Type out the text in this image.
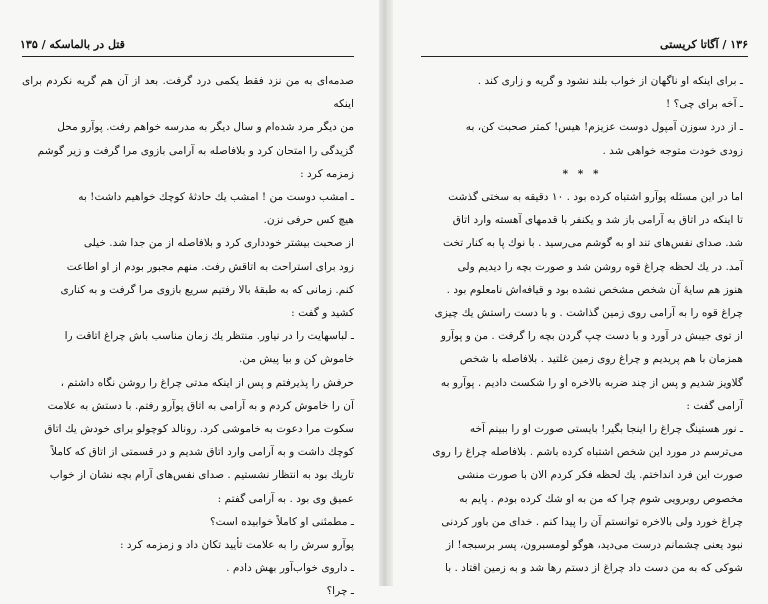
قتل در بالماسکه / ۱۳۵

صدمه‌ای به من نزد فقط یکمی درد گرفت. بعد از آن هم گریه نکردم برای اینکه

من دیگر مرد شده‌ام و سال دیگر به مدرسه خواهم رفت. پوآرو محل

گزیدگی را امتحان کرد و بلافاصله به آرامی بازوی مرا گرفت و زیر گوشم

زمزمه کرد :

ـ امشب دوست من ! امشب یك حادثهٔ کوچك خواهیم داشت! به

هیچ کس حرفی نزن.

از صحبت بیشتر خودداری کرد و بلافاصله از من جدا شد. خیلی

زود برای استراحت به اتاقش رفت. منهم مجبور بودم از او اطاعت

کنم. زمانی که به طبقهٔ بالا رفتیم سریع بازوی مرا گرفت و به کناری

کشید و گفت :

ـ لباسهایت را در نیاور. منتظر یك زمان مناسب باش چراغ اتاقت را

خاموش کن و بیا پیش من.

حرفش را پذیرفتم و پس از اینکه مدتی چراغ را روشن نگاه داشتم ،

آن را خاموش کردم و به آرامی به اتاق پوآرو رفتم. با دستش به علامت

سکوت مرا دعوت به خاموشی کرد. رونالد کوچولو برای خودش یك اتاق

کوچك داشت و به آرامی وارد اتاق شدیم و در قسمتی از اتاق که کاملاً

تاریك بود به انتظار نشستیم . صدای نفس‌های آرام بچه نشان از خواب

عمیق وی بود . به آرامی گفتم :

ـ مطمئنی او کاملاً خوابیده است؟

پوآرو سرش را به علامت تأیید تکان داد و زمزمه کرد :

ـ داروی خواب‌آور بهش دادم .

ـ چرا؟

۱۳۶ / آگاتا کریستی

ـ برای اینکه او ناگهان از خواب بلند نشود و گریه و زاری کند .

ـ آخه برای چی؟ !

ـ از درد سوزن آمپول دوست عزیزم! هیس! کمتر صحبت کن، به

زودی خودت متوجه خواهی شد .

* * *

اما در این مسئله پوآرو اشتباه کرده بود . ۱۰ دقیقه به سختی گذشت

تا اینکه در اتاق به آرامی باز شد و یکنفر با قدمهای آهسته وارد اتاق

شد. صدای نفس‌های تند او به گوشم می‌رسید . با نوك پا به کنار تخت

آمد. در یك لحظه چراغ قوه روشن شد و صورت بچه را دیدیم ولی

هنوز هم سایهٔ آن شخص مشخص نشده بود و قیافه‌اش نامعلوم بود .

چراغ قوه را به آرامی روی زمین گذاشت . و با دست راستش یك چیزی

از توی جیبش در آورد و با دست چپ گردن بچه را گرفت . من و پوآرو

همزمان با هم پریدیم و چراغ روی زمین غلتید . بلافاصله با شخص

گلاویز شدیم و پس از چند ضربه بالاخره او را شکست دادیم . پوآرو به

آرامی گفت :

ـ نور هستینگ چراغ را اینجا بگیر! بایستی صورت او را ببینم آخه

می‌ترسم در مورد این شخص اشتباه کرده باشم . بلافاصله چراغ را روی

صورت این فرد انداختم. یك لحظه فکر کردم الان با صورت منشی

مخصوص روبرویی شوم چرا که من به او شك کرده بودم . پایم به

چراغ خورد ولی بالاخره توانستم آن را پیدا کنم . خدای من باور کردنی

نبود یعنی چشمانم درست می‌دید، هوگو لومسبرون، پسر برسبجه! از

شوکی که به من دست داد چراغ از دستم رها شد و به زمین افتاد . با
